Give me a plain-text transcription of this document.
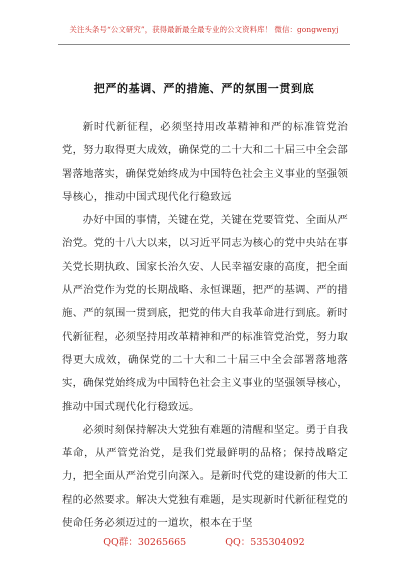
关注头条号“公文研究”，获得最新最全最专业的公文资料库！ 微信：gongwenyj
把严的基调、严的措施、严的氛围一贯到底

新时代新征程，必须坚持用改革精神和严的标准管党治党，努力取得更大成效，确保党的二十大和二十届三中全会部署落地落实，确保党始终成为中国特色社会主义事业的坚强领导核心，推动中国式现代化行稳致远

办好中国的事情，关键在党，关键在党要管党、全面从严治党。党的十八大以来，以习近平同志为核心的党中央站在事关党长期执政、国家长治久安、人民幸福安康的高度，把全面从严治党作为党的长期战略、永恒课题，把严的基调、严的措施、严的氛围一贯到底，把党的伟大自我革命进行到底。新时代新征程，必须坚持用改革精神和严的标准管党治党，努力取得更大成效，确保党的二十大和二十届三中全会部署落地落实，确保党始终成为中国特色社会主义事业的坚强领导核心，推动中国式现代化行稳致远。

必须时刻保持解决大党独有难题的清醒和坚定。勇于自我革命，从严管党治党，是我们党最鲜明的品格；保持战略定力，把全面从严治党引向深入。是新时代党的建设新的伟大工程的必然要求。解决大党独有难题，是实现新时代新征程党的使命任务必须迈过的一道坎，根本在于坚

QQ群：30265665	QQ：535304092
